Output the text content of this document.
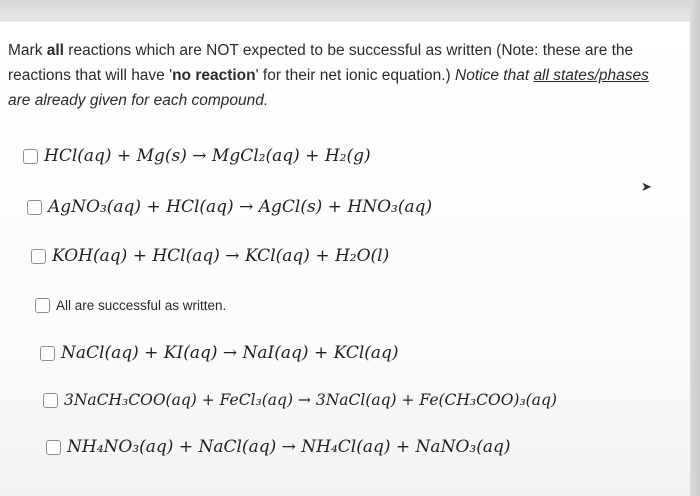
Mark all reactions which are NOT expected to be successful as written (Note: these are the reactions that will have 'no reaction' for their net ionic equation.) Notice that all states/phases are already given for each compound.
HCl(aq) + Mg(s) → MgCl₂(aq) + H₂(g)
AgNO₃(aq) + HCl(aq) → AgCl(s) + HNO₃(aq)
KOH(aq) + HCl(aq) → KCl(aq) + H₂O(l)
All are successful as written.
NaCl(aq) + KI(aq) → NaI(aq) + KCl(aq)
3NaCH₃COO(aq) + FeCl₃(aq) → 3NaCl(aq) + Fe(CH₃COO)₃(aq)
NH₄NO₃(aq) + NaCl(aq) → NH₄Cl(aq) + NaNO₃(aq)
➤
